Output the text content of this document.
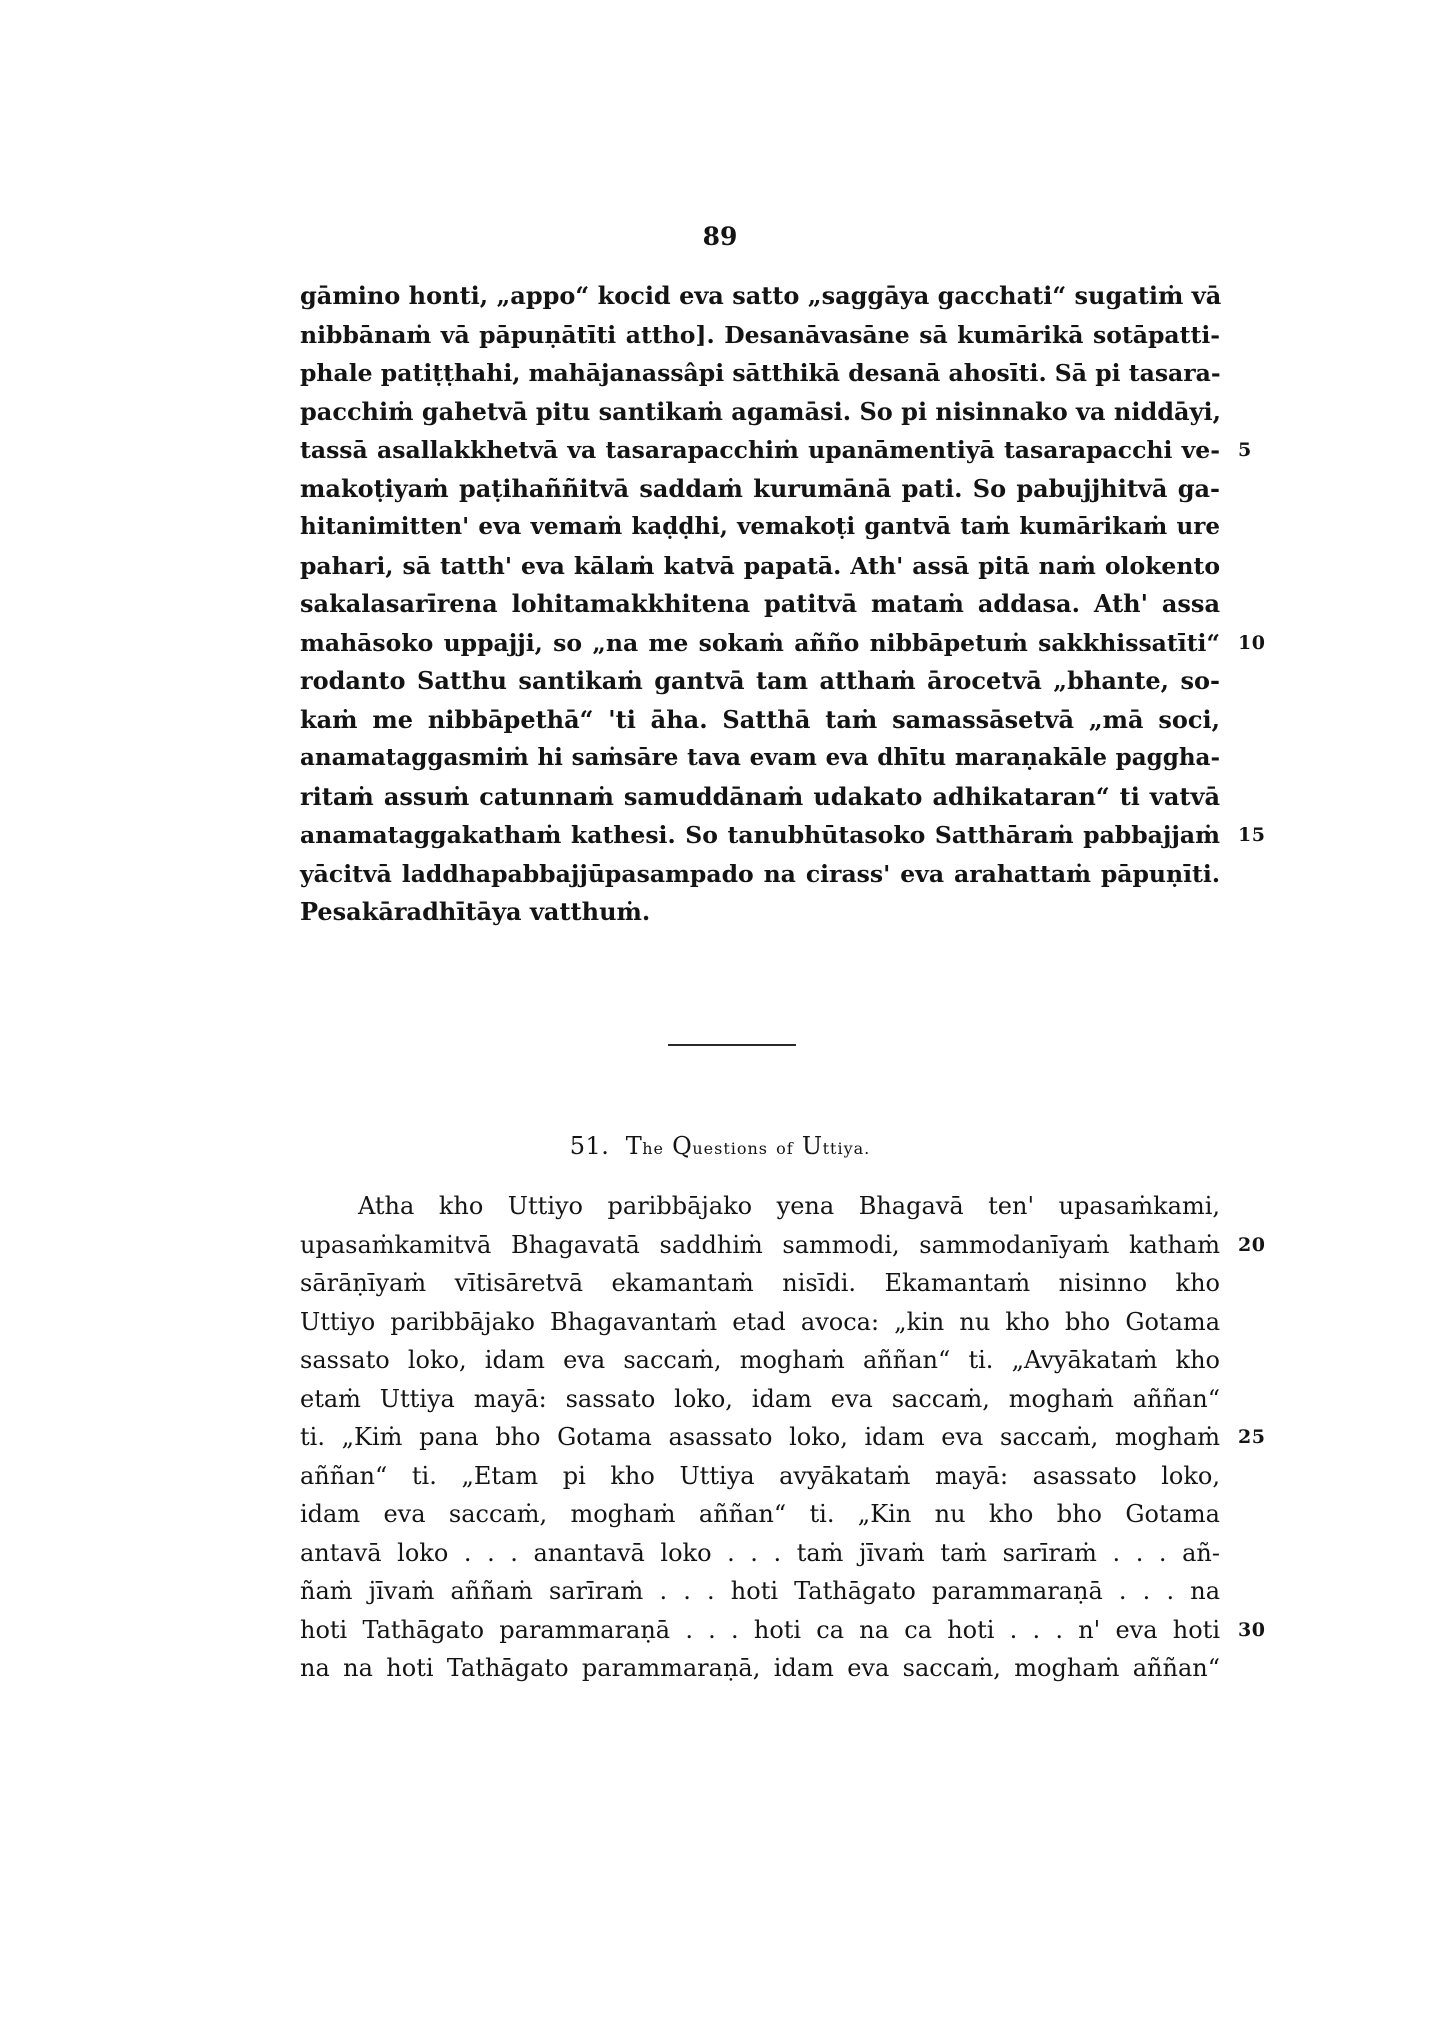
89
gāmino honti, „appo“ kocid eva satto „saggāya gacchati“ sugatiṁ vā
nibbānaṁ vā pāpuṇātīti attho]. Desanāvasāne sā kumārikā sotāpatti-
phale patiṭṭhahi, mahājanassâpi sātthikā desanā ahosīti. Sā pi tasara-
pacchiṁ gahetvā pitu santikaṁ agamāsi. So pi nisinnako va niddāyi,
tassā asallakkhetvā va tasarapacchiṁ upanāmentiyā tasarapacchi ve- 5
makoṭiyaṁ paṭihaññitvā saddaṁ kurumānā pati. So pabujjhitvā ga-
hitanimitten' eva vemaṁ kaḍḍhi, vemakoṭi gantvā taṁ kumārikaṁ ure
pahari, sā tatth' eva kālaṁ katvā papatā. Ath' assā pitā naṁ olokento
sakalasarīrena lohitamakkhitena patitvā mataṁ addasa. Ath' assa
mahāsoko uppajji, so „na me sokaṁ añño nibbāpetuṁ sakkhissatīti“ 10
rodanto Satthu santikaṁ gantvā tam atthaṁ ārocetvā „bhante, so-
kaṁ me nibbāpethā“ 'ti āha. Satthā taṁ samassāsetvā „mā soci,
anamataggasmiṁ hi saṁsāre tava evam eva dhītu maraṇakāle paggha-
ritaṁ assuṁ catunnaṁ samuddānaṁ udakato adhikataran“ ti vatvā
anamataggakathaṁ kathesi. So tanubhūtasoko Satthāraṁ pabbajjaṁ 15
yācitvā laddhapabbajjūpasampado na cirass' eva arahattaṁ pāpuṇīti.
Pesakāradhītāya vatthuṁ.
51. The Questions of Uttiya.
Atha kho Uttiyo paribbājako yena Bhagavā ten' upasaṁkami,
upasaṁkamitvā Bhagavatā saddhiṁ sammodi, sammodanīyaṁ kathaṁ 20
sārāṇīyaṁ vītisāretvā ekamantaṁ nisīdi. Ekamantaṁ nisinno kho
Uttiyo paribbājako Bhagavantaṁ etad avoca: „kin nu kho bho Gotama
sassato loko, idam eva saccaṁ, moghaṁ aññan“ ti. „Avyākataṁ kho
etaṁ Uttiya mayā: sassato loko, idam eva saccaṁ, moghaṁ aññan“
ti. „Kiṁ pana bho Gotama asassato loko, idam eva saccaṁ, moghaṁ 25
aññan“ ti. „Etam pi kho Uttiya avyākataṁ mayā: asassato loko,
idam eva saccaṁ, moghaṁ aññan“ ti. „Kin nu kho bho Gotama
antavā loko . . . anantavā loko . . . taṁ jīvaṁ taṁ sarīraṁ . . . añ-
ñaṁ jīvaṁ aññaṁ sarīraṁ . . . hoti Tathāgato parammaraṇā . . . na
hoti Tathāgato parammaraṇā . . . hoti ca na ca hoti . . . n' eva hoti 30
na na hoti Tathāgato parammaraṇā, idam eva saccaṁ, moghaṁ aññan“
